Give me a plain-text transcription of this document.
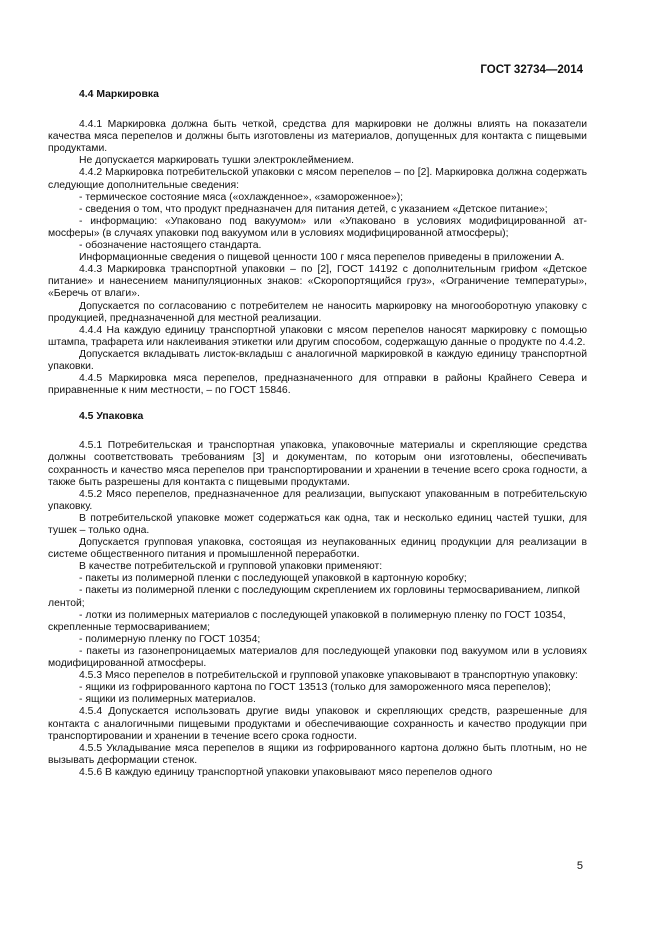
ГОСТ 32734—2014
4.4 Маркировка

4.4.1 Маркировка должна быть четкой, средства для маркировки не должны влиять на показатели качества мяса перепелов и должны быть изготовлены из материалов, допущенных для контакта с пищевыми продуктами.

Не допускается маркировать тушки электроклеймением.

4.4.2 Маркировка потребительской упаковки с мясом перепелов – по [2]. Маркировка должна содержать следующие дополнительные сведения:

- термическое состояние мяса («охлажденное», «замороженное»);

- сведения о том, что продукт предназначен для питания детей, с указанием «Детское питание»;

- информацию: «Упаковано под вакуумом» или «Упаковано в условиях модифицированной ат-мосферы» (в случаях упаковки под вакуумом или в условиях модифицированной атмосферы);

- обозначение настоящего стандарта.

Информационные сведения о пищевой ценности 100 г мяса перепелов приведены в приложении А.

4.4.3 Маркировка транспортной упаковки – по [2], ГОСТ 14192 с дополнительным грифом «Детское питание» и нанесением манипуляционных знаков: «Скоропортящийся груз», «Ограничение температуры», «Беречь от влаги».

Допускается по согласованию с потребителем не наносить маркировку на многооборотную упаковку с продукцией, предназначенной для местной реализации.

4.4.4 На каждую единицу транспортной упаковки с мясом перепелов наносят маркировку с помощью штампа, трафарета или наклеивания этикетки или другим способом, содержащую данные о продукте по 4.4.2.

Допускается вкладывать листок-вкладыш с аналогичной маркировкой в каждую единицу транспортной упаковки.

4.4.5 Маркировка мяса перепелов, предназначенного для отправки в районы Крайнего Севера и приравненные к ним местности, – по ГОСТ 15846.

4.5 Упаковка

4.5.1 Потребительская и транспортная упаковка, упаковочные материалы и скрепляющие средства должны соответствовать требованиям [3] и документам, по которым они изготовлены, обеспечивать сохранность и качество мяса перепелов при транспортировании и хранении в течение всего срока годности, а также быть разрешены для контакта с пищевыми продуктами.

4.5.2 Мясо перепелов, предназначенное для реализации, выпускают упакованным в потребительскую упаковку.

В потребительской упаковке может содержаться как одна, так и несколько единиц частей тушки, для тушек – только одна.

Допускается групповая упаковка, состоящая из неупакованных единиц продукции для реализации в системе общественного питания и промышленной переработки.

В качестве потребительской и групповой упаковки применяют:

- пакеты из полимерной пленки с последующей упаковкой в картонную коробку;

- пакеты из полимерной пленки с последующим скреплением их горловины термосвариванием, липкой лентой;

- лотки из полимерных материалов с последующей упаковкой в полимерную пленку по ГОСТ 10354, скрепленные термосвариванием;

- полимерную пленку по ГОСТ 10354;

- пакеты из газонепроницаемых материалов для последующей упаковки под вакуумом или в условиях модифицированной атмосферы.

4.5.3 Мясо перепелов в потребительской и групповой упаковке упаковывают в транспортную упаковку:

- ящики из гофрированного картона по ГОСТ 13513 (только для замороженного мяса перепелов);

- ящики из полимерных материалов.

4.5.4 Допускается использовать другие виды упаковок и скрепляющих средств, разрешенные для контакта с аналогичными пищевыми продуктами и обеспечивающие сохранность и качество продукции при транспортировании и хранении в течение всего срока годности.

4.5.5 Укладывание мяса перепелов в ящики из гофрированного картона должно быть плотным, но не вызывать деформации стенок.

4.5.6 В каждую единицу транспортной упаковки упаковывают мясо перепелов одного

5
